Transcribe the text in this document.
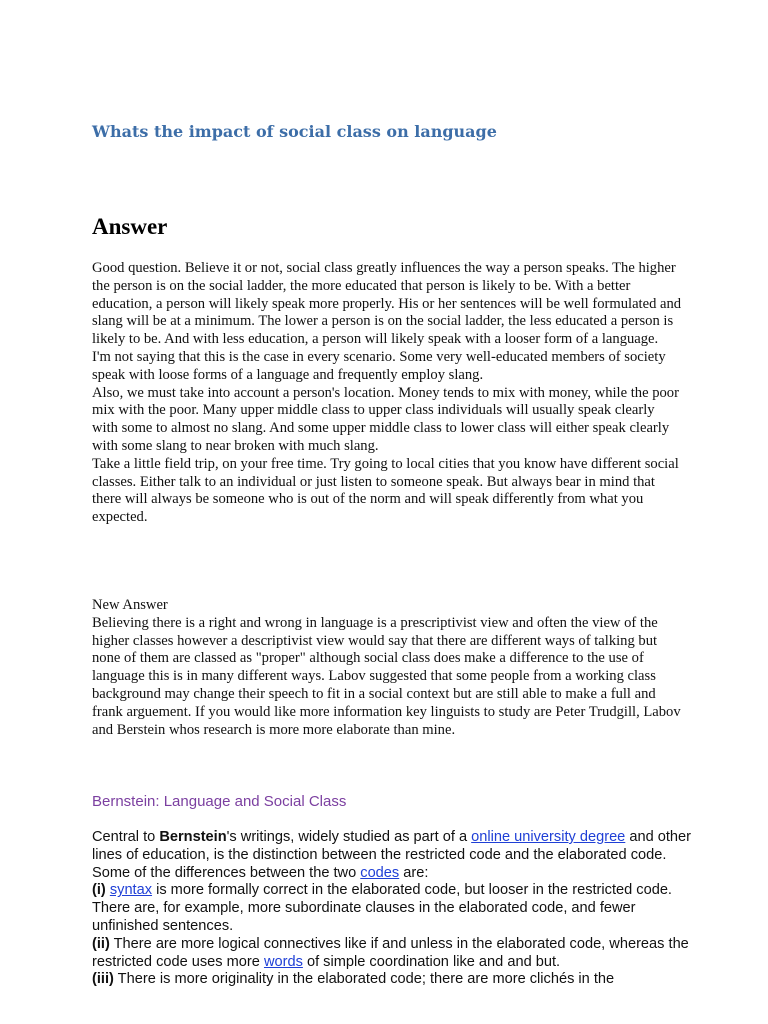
Whats the impact of social class on language
Answer

Good question. Believe it or not, social class greatly influences the way a person speaks. The higher the person is on the social ladder, the more educated that person is likely to be. With a better education, a person will likely speak more properly. His or her sentences will be well formulated and slang will be at a minimum. The lower a person is on the social ladder, the less educated a person is likely to be. And with less education, a person will likely speak with a looser form of a language.

I'm not saying that this is the case in every scenario. Some very well-educated members of society speak with loose forms of a language and frequently employ slang.

Also, we must take into account a person's location. Money tends to mix with money, while the poor mix with the poor. Many upper middle class to upper class individuals will usually speak clearly with some to almost no slang. And some upper middle class to lower class will either speak clearly with some slang to near broken with much slang.

Take a little field trip, on your free time. Try going to local cities that you know have different social classes. Either talk to an individual or just listen to someone speak. But always bear in mind that there will always be someone who is out of the norm and will speak differently from what you expected.

New Answer

Believing there is a right and wrong in language is a prescriptivist view and often the view of the higher classes however a descriptivist view would say that there are different ways of talking but none of them are classed as "proper" although social class does make a difference to the use of language this is in many different ways. Labov suggested that some people from a working class background may change their speech to fit in a social context but are still able to make a full and frank arguement. If you would like more information key linguists to study are Peter Trudgill, Labov and Berstein whos research is more more elaborate than mine.

Bernstein: Language and Social Class

Central to Bernstein's writings, widely studied as part of a online university degree and other lines of education, is the distinction between the restricted code and the elaborated code. Some of the differences between the two codes are:

(i) syntax is more formally correct in the elaborated code, but looser in the restricted code. There are, for example, more subordinate clauses in the elaborated code, and fewer unfinished sentences.

(ii) There are more logical connectives like if and unless in the elaborated code, whereas the restricted code uses more words of simple coordination like and and but.

(iii) There is more originality in the elaborated code; there are more clichés in the
